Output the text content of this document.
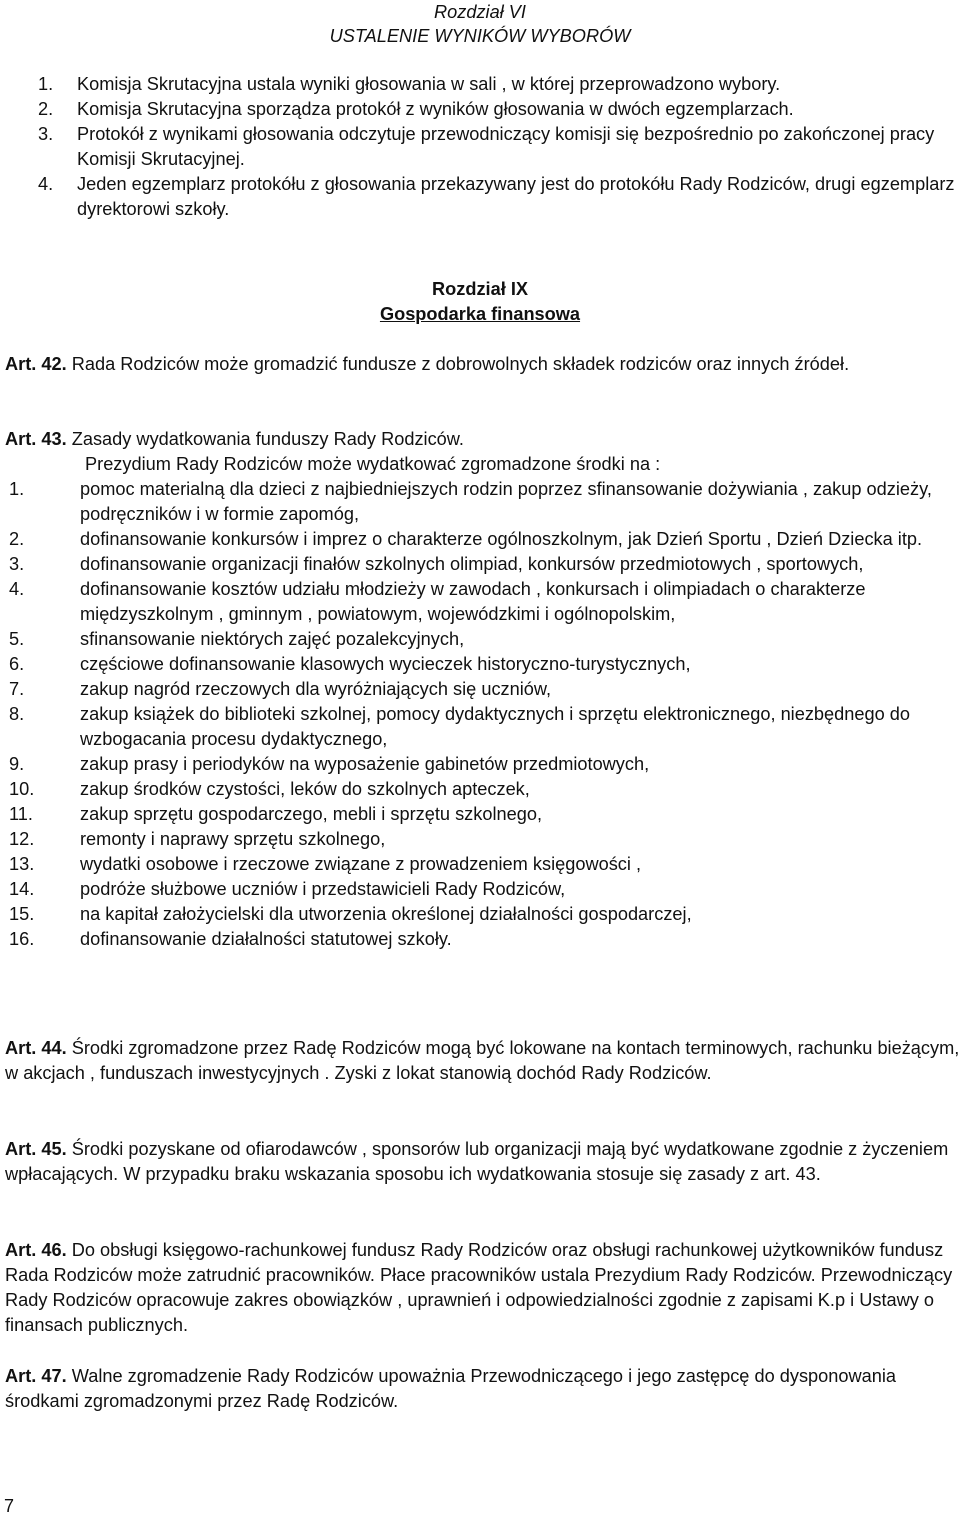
Rozdział VI
USTALENIE WYNIKÓW WYBORÓW
1.	Komisja Skrutacyjna ustala wyniki głosowania w sali , w której przeprowadzono wybory.
2.	Komisja Skrutacyjna sporządza protokół z wyników głosowania w dwóch egzemplarzach.
3.	Protokół z wynikami głosowania odczytuje przewodniczący komisji się bezpośrednio po zakończonej pracy Komisji Skrutacyjnej.
4.	Jeden egzemplarz protokółu z głosowania przekazywany jest do protokółu Rady Rodziców, drugi egzemplarz dyrektorowi szkoły.
Rozdział IX
Gospodarka finansowa
Art. 42. Rada Rodziców może gromadzić fundusze z dobrowolnych składek rodziców oraz innych źródeł.
Art. 43. Zasady wydatkowania funduszy Rady Rodziców.
Prezydium Rady Rodziców może wydatkować zgromadzone środki na :
1.	pomoc materialną dla dzieci z najbiedniejszych rodzin poprzez sfinansowanie dożywiania , zakup odzieży, podręczników i w formie zapomóg,
2.	dofinansowanie konkursów i imprez o charakterze ogólnoszkolnym, jak Dzień Sportu , Dzień Dziecka itp.
3.	dofinansowanie organizacji finałów szkolnych olimpiad, konkursów przedmiotowych , sportowych,
4.	dofinansowanie kosztów udziału młodzieży w zawodach , konkursach i olimpiadach o charakterze międzyszkolnym , gminnym , powiatowym, wojewódzkimi i ogólnopolskim,
5.	sfinansowanie niektórych zajęć pozalekcyjnych,
6.	częściowe dofinansowanie klasowych wycieczek historyczno-turystycznych,
7.	zakup nagród rzeczowych dla wyróżniających się uczniów,
8.	zakup książek do biblioteki szkolnej, pomocy dydaktycznych i sprzętu elektronicznego, niezbędnego do wzbogacania procesu dydaktycznego,
9.	zakup prasy i periodyków na wyposażenie gabinetów przedmiotowych,
10.	zakup środków czystości, leków do szkolnych apteczek,
11.	zakup sprzętu gospodarczego, mebli i sprzętu szkolnego,
12.	remonty i naprawy sprzętu szkolnego,
13.	wydatki osobowe i rzeczowe związane z prowadzeniem księgowości ,
14.	podróże służbowe uczniów i przedstawicieli Rady Rodziców,
15.	na kapitał założycielski dla utworzenia określonej działalności gospodarczej,
16.	dofinansowanie działalności statutowej szkoły.
Art. 44. Środki zgromadzone przez Radę Rodziców mogą być lokowane na kontach terminowych, rachunku bieżącym, w akcjach , funduszach inwestycyjnych . Zyski z lokat stanowią dochód Rady Rodziców.
Art. 45. Środki pozyskane od ofiarodawców , sponsorów lub organizacji mają być wydatkowane zgodnie z życzeniem wpłacających. W przypadku braku wskazania sposobu ich wydatkowania stosuje się zasady z art. 43.
Art. 46. Do obsługi księgowo-rachunkowej fundusz Rady Rodziców oraz obsługi rachunkowej użytkowników fundusz Rada Rodziców może zatrudnić pracowników. Płace pracowników ustala Prezydium Rady Rodziców. Przewodniczący Rady Rodziców opracowuje zakres obowiązków , uprawnień i odpowiedzialności zgodnie z zapisami K.p i Ustawy o finansach publicznych.
Art. 47. Walne zgromadzenie Rady Rodziców upoważnia Przewodniczącego i jego zastępcę do dysponowania środkami zgromadzonymi przez Radę Rodziców.
7
